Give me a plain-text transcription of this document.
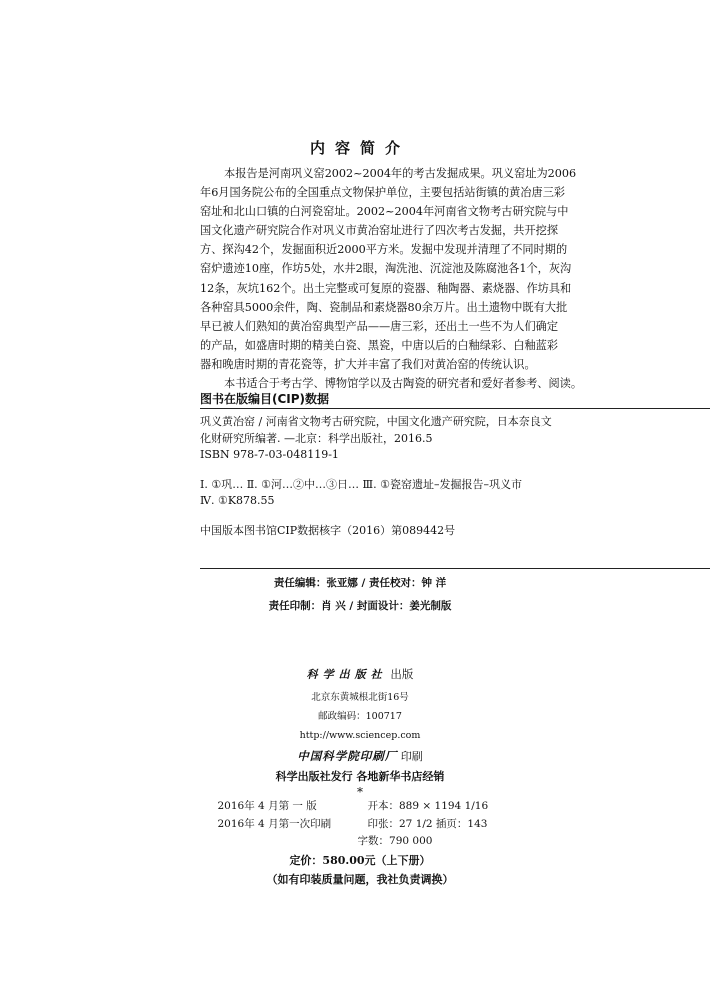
内容简介

本报告是河南巩义窑2002~2004年的考古发掘成果。巩义窑址为2006

年6月国务院公布的全国重点文物保护单位，主要包括站街镇的黄冶唐三彩

窑址和北山口镇的白河瓷窑址。2002~2004年河南省文物考古研究院与中

国文化遗产研究院合作对巩义市黄冶窑址进行了四次考古发掘，共开挖探

方、探沟42个，发掘面积近2000平方米。发掘中发现并清理了不同时期的

窑炉遗迹10座，作坊5处，水井2眼，淘洗池、沉淀池及陈腐池各1个，灰沟

12条，灰坑162个。出土完整或可复原的瓷器、釉陶器、素烧器、作坊具和

各种窑具5000余件，陶、瓷制品和素烧器80余万片。出土遗物中既有大批

早已被人们熟知的黄冶窑典型产品——唐三彩，还出土一些不为人们确定

的产品，如盛唐时期的精美白瓷、黑瓷，中唐以后的白釉绿彩、白釉蓝彩

器和晚唐时期的青花瓷等，扩大并丰富了我们对黄冶窑的传统认识。

本书适合于考古学、博物馆学以及古陶瓷的研究者和爱好者参考、阅读。

图书在版编目(CIP)数据

巩义黄冶窑 / 河南省文物考古研究院，中国文化遗产研究院，日本奈良文

化财研究所编著. —北京：科学出版社，2016.5

ISBN 978-7-03-048119-1

Ⅰ. ①巩… Ⅱ. ①河…②中…③日… Ⅲ. ①瓷窑遗址–发掘报告–巩义市

Ⅳ. ①K878.55

中国版本图书馆CIP数据核字（2016）第089442号

责任编辑：张亚娜 / 责任校对：钟 洋

责任印制：肖 兴 / 封面设计：姜光制版

科学出版社 出版

北京东黄城根北街16号

邮政编码：100717

http://www.sciencep.com

中国科学院印刷厂 印刷

科学出版社发行 各地新华书店经销

*

2016年 4 月第 一 版	开本：889 × 1194 1/16

2016年 4 月第一次印刷	印张：27 1/2 插页：143

字数：790 000

定价：580.00元（上下册）

（如有印装质量问题，我社负责调换）
